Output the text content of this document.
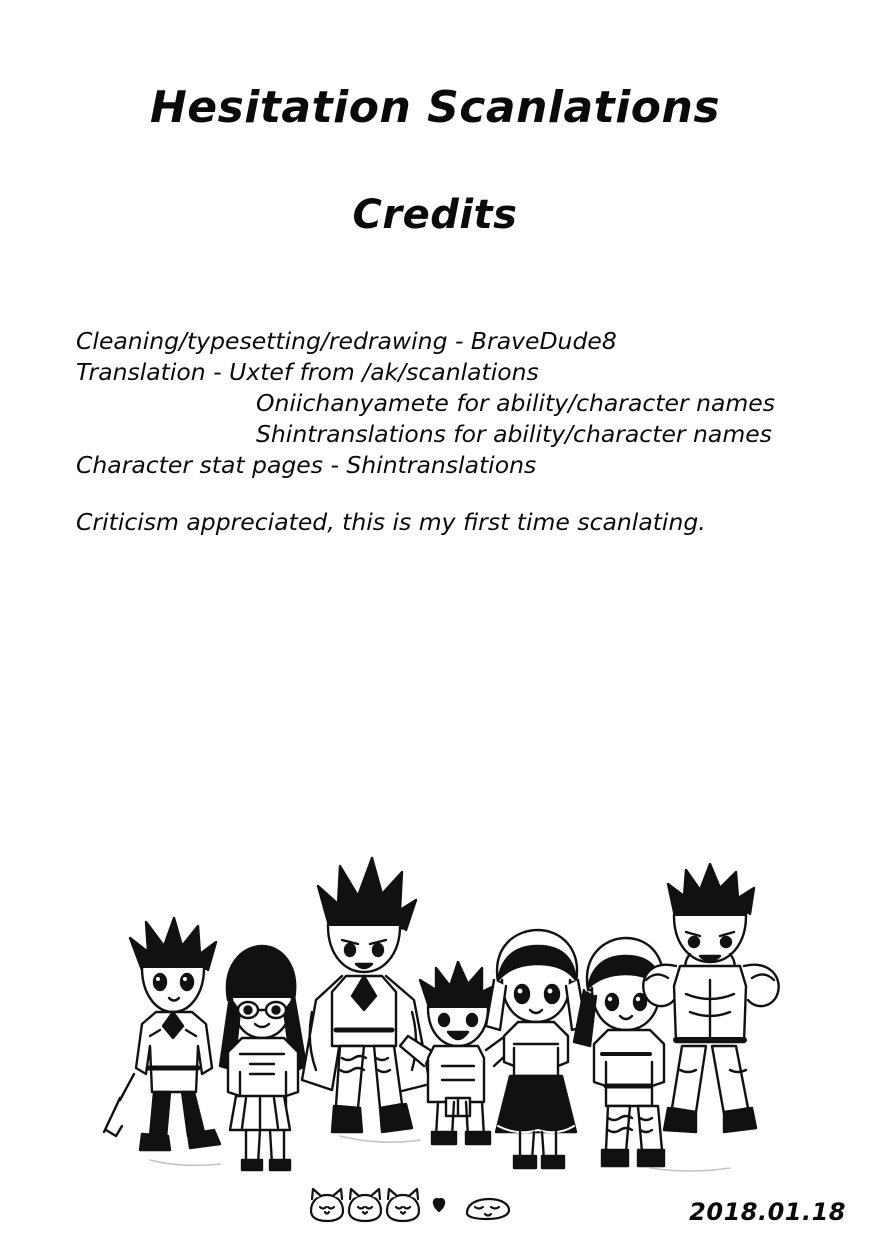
Hesitation Scanlations
Credits
Cleaning/typesetting/redrawing - BraveDude8
Translation - Uxtef from /ak/scanlations
Oniichanyamete for ability/character names
Shintranslations for ability/character names
Character stat pages - Shintranslations
Criticism appreciated, this is my first time scanlating.
2018.01.18
